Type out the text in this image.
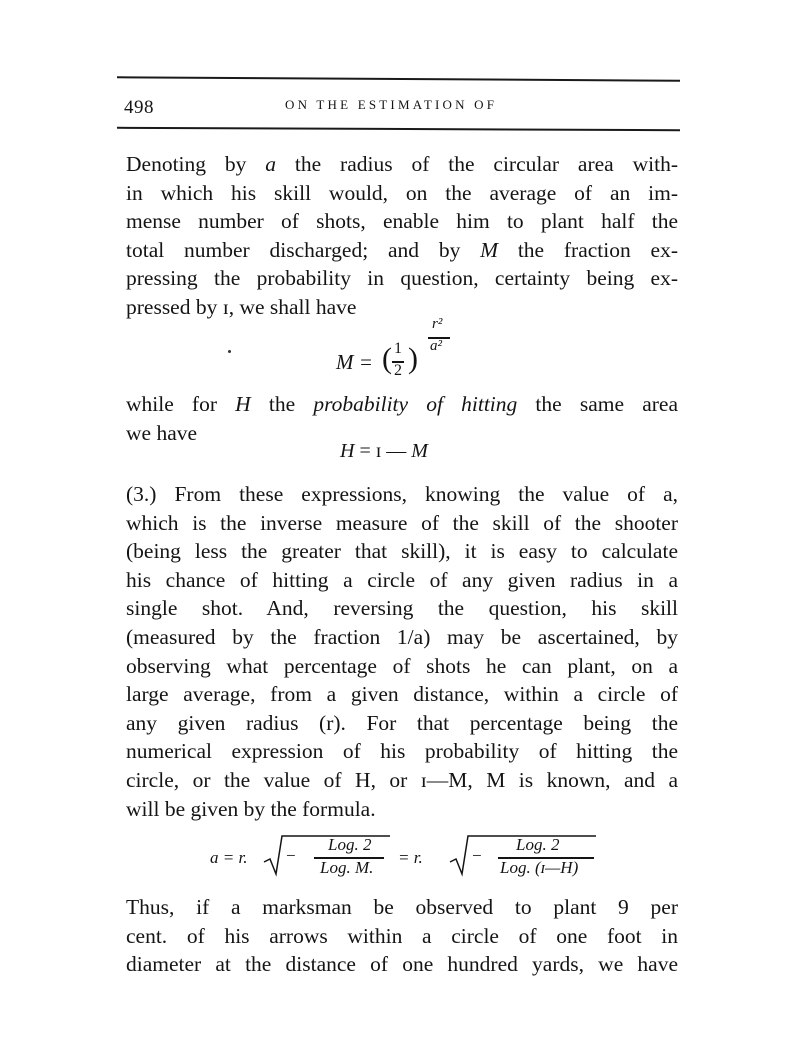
498	ON THE ESTIMATION OF
Denoting by a the radius of the circular area with-
in which his skill would, on the average of an im-
mense number of shots, enable him to plant half the
total number discharged; and by M the fraction ex-
pressing the probability in question, certainty being ex-
pressed by ɪ, we shall have
M = ( 1
2 )
r²
a²
while for H the probability of hitting the same area
we have
H = ɪ — M
(3.) From these expressions, knowing the value of a,
which is the inverse measure of the skill of the shooter
(being less the greater that skill), it is easy to calculate
his chance of hitting a circle of any given radius in a
single shot. And, reversing the question, his skill
(measured by the fraction 1/a) may be ascertained, by
observing what percentage of shots he can plant, on a
large average, from a given distance, within a circle of
any given radius (r). For that percentage being the
numerical expression of his probability of hitting the
circle, or the value of H, or ɪ—M, M is known, and a
will be given by the formula.
a = r. −
Log. 2
Log. M.
= r.	−
Log. 2
Log. (ɪ—H)
Thus, if a marksman be observed to plant 9 per
cent. of his arrows within a circle of one foot in
diameter at the distance of one hundred yards, we have
